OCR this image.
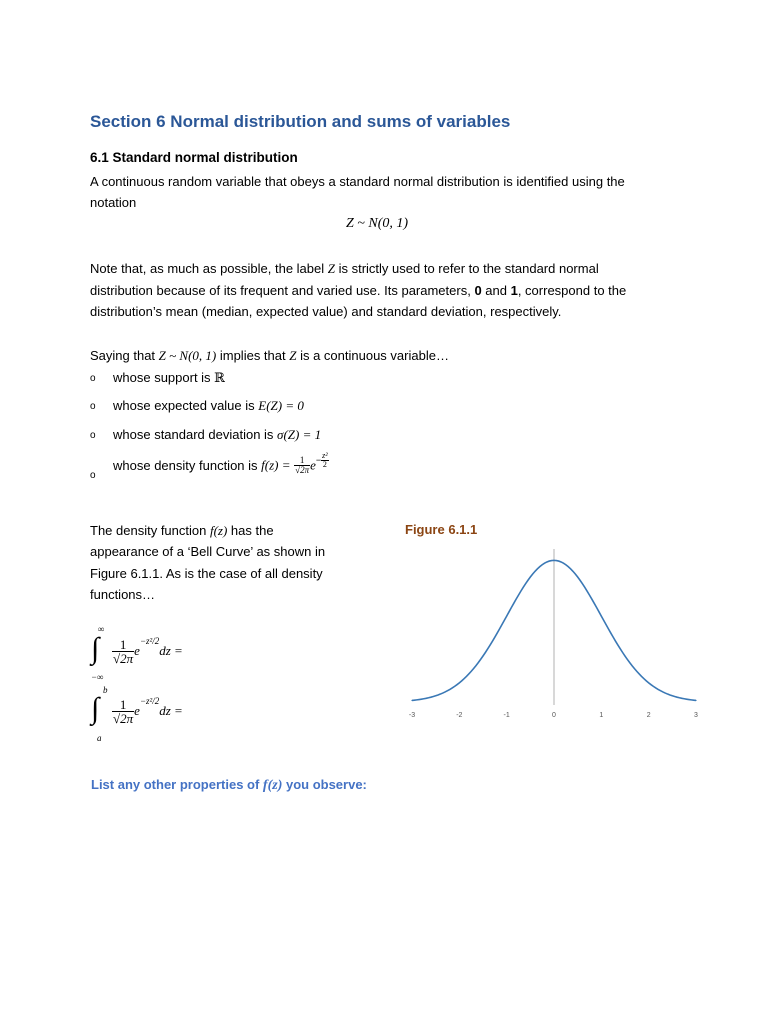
Section 6 Normal distribution and sums of variables
6.1 Standard normal distribution
A continuous random variable that obeys a standard normal distribution is identified using the
notation
Z ~ N(0, 1)
Note that, as much as possible, the label Z is strictly used to refer to the standard normal
distribution because of its frequent and varied use. Its parameters, 0 and 1, correspond to the
distribution’s mean (median, expected value) and standard deviation, respectively.
Saying that Z ~ N(0, 1) implies that Z is a continuous variable…
o whose support is ℝ
o whose expected value is E(Z) = 0
o whose standard deviation is σ(Z) = 1
o
whose density function is $f(z) = \frac{1}{√2\pi} e- \frac{\text{z²}}{2}$
The density function f(z) has the
appearance of a ‘Bell Curve’ as shown in
Figure 6.1.1. As is the case of all density
functions…
∞
∫
−∞
$\frac{1}{√2\pi} e^{-z^2/2}dz$ =
b
∫
a
$\frac{1}{√2\pi} e^{-z^2/2}dz$ =
Figure 6.1.1
-3	-2	-1	0	1	2	3
List any other properties of f(z) you observe:
